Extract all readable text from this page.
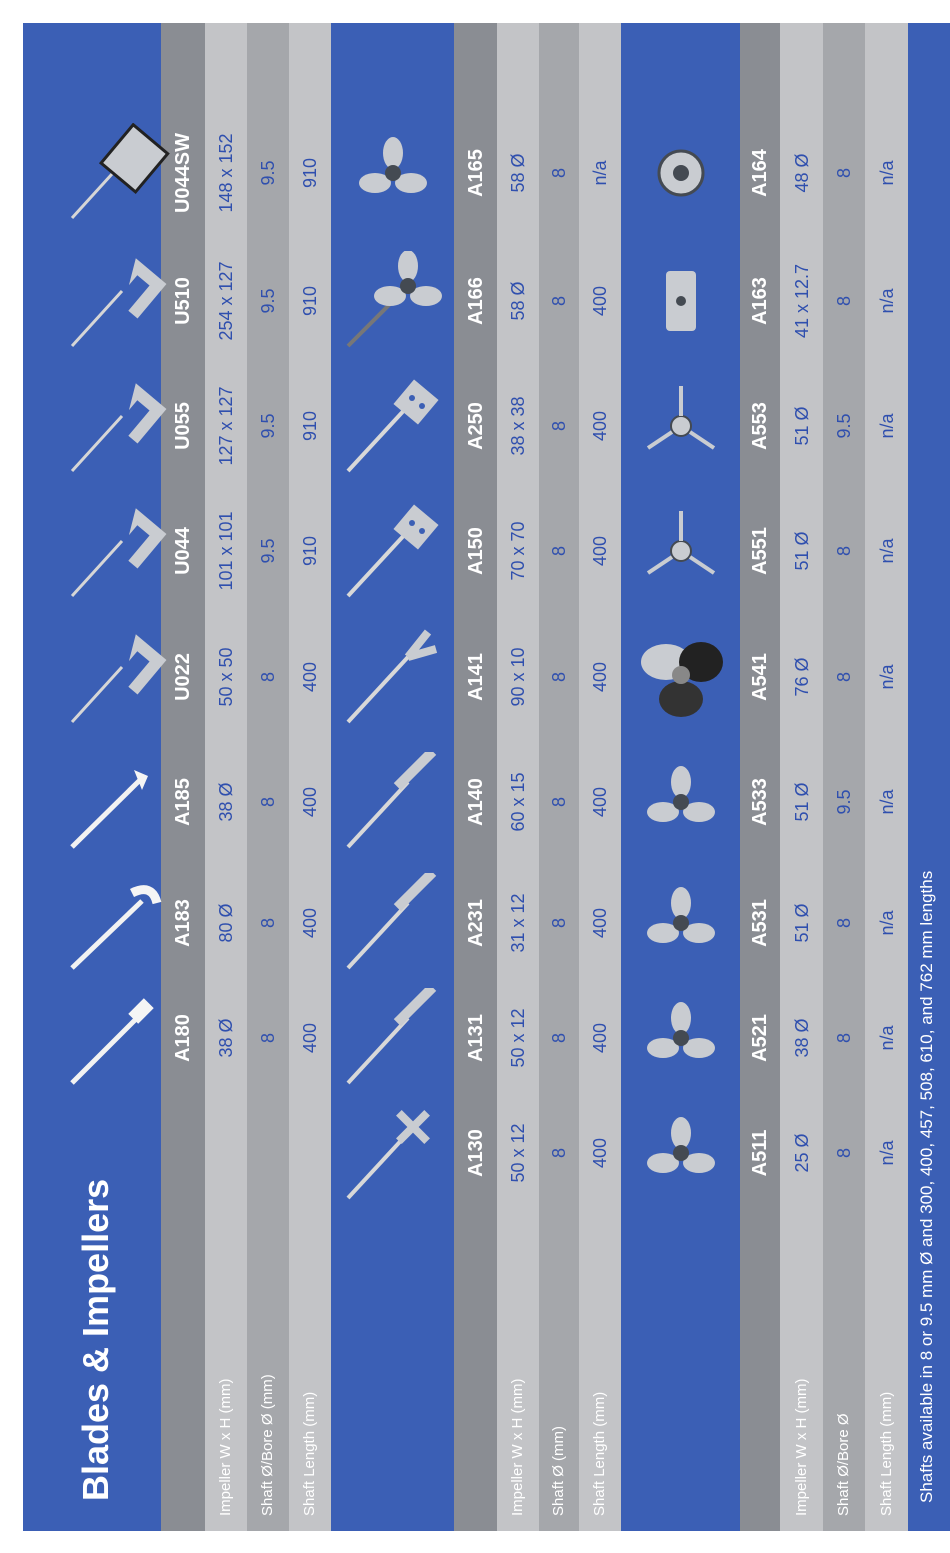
Blades & Impellers	Impeller W x H (mm) Shaft Ø/Bore Ø (mm) Shaft Length (mm)
A180 38 Ø 8 400
A183 80 Ø 8 400
A185 38 Ø 8 400
U022 50 x 50 8 400
U044 101 x 101 9.5 910
U055 127 x 127 9.5 910
U510 254 x 127 9.5 910
U044SW 148 x 152 9.5 910
Impeller W x H (mm) Shaft Ø (mm) Shaft Length (mm)
A130 50 x 12 8 400
A131 50 x 12 8 400
A231 31 x 12 8 400
A140 60 x 15 8 400
A141 90 x 10 8 400
A150 70 x 70 8 400
A250 38 x 38 8 400
A166 58 Ø 8 400
A165 58 Ø 8 n/a
Impeller W x H (mm) Shaft Ø/Bore Ø Shaft Length (mm)
A511 25 Ø 8 n/a
A521 38 Ø 8 n/a
A531 51 Ø 8 n/a
A533 51 Ø 9.5 n/a
A541 76 Ø 8 n/a
A551 51 Ø 8 n/a
A553 51 Ø 9.5 n/a
A163 41 x 12.7 8 n/a
A164 48 Ø 8 n/a
Shafts available in 8 or 9.5 mm Ø and 300, 400, 457, 508, 610, and 762 mm lengths
